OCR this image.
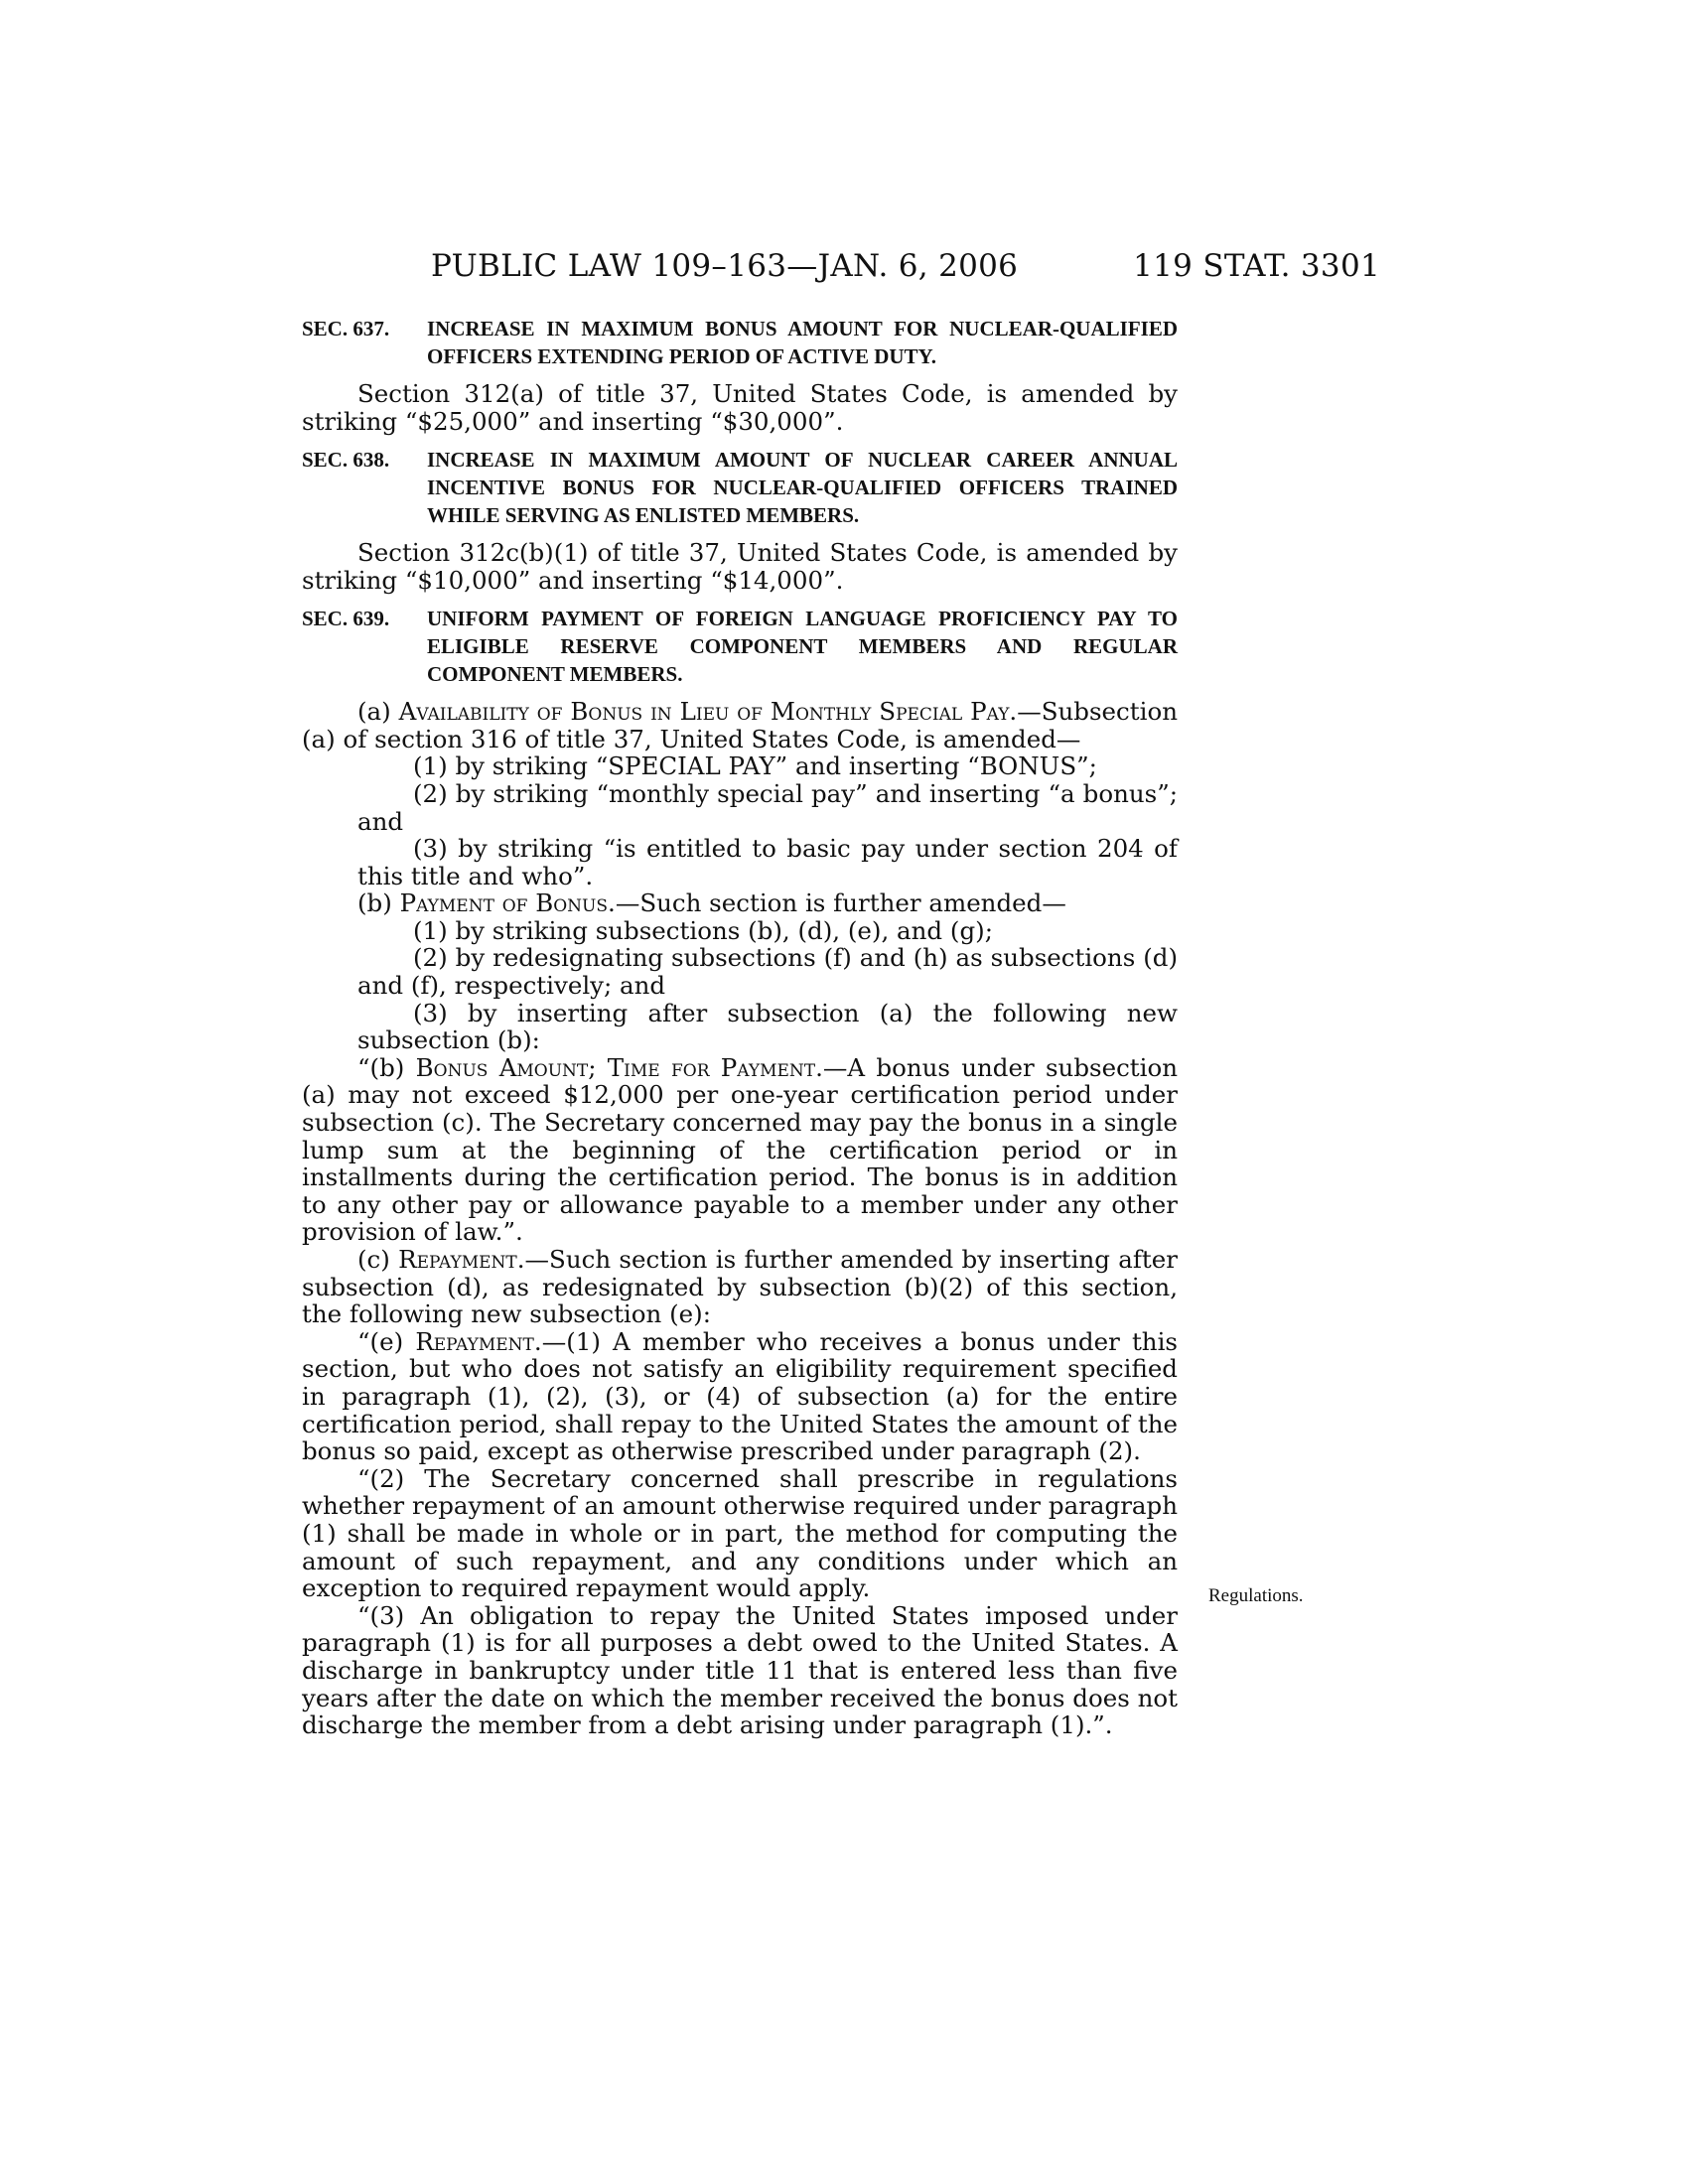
PUBLIC LAW 109–163—JAN. 6, 2006	119 STAT. 3301
SEC. 637. INCREASE IN MAXIMUM BONUS AMOUNT FOR NUCLEAR-QUALIFIED OFFICERS EXTENDING PERIOD OF ACTIVE DUTY.

Section 312(a) of title 37, United States Code, is amended by striking “$25,000” and inserting “$30,000”.

SEC. 638. INCREASE IN MAXIMUM AMOUNT OF NUCLEAR CAREER ANNUAL INCENTIVE BONUS FOR NUCLEAR-QUALIFIED OFFICERS TRAINED WHILE SERVING AS ENLISTED MEMBERS.

Section 312c(b)(1) of title 37, United States Code, is amended by striking “$10,000” and inserting “$14,000”.

SEC. 639. UNIFORM PAYMENT OF FOREIGN LANGUAGE PROFICIENCY PAY TO ELIGIBLE RESERVE COMPONENT MEMBERS AND REGULAR COMPONENT MEMBERS.

(a) Availability of Bonus in Lieu of Monthly Special Pay.—Subsection (a) of section 316 of title 37, United States Code, is amended—

(1) by striking “SPECIAL PAY” and inserting “BONUS”;

(2) by striking “monthly special pay” and inserting “a bonus”; and

(3) by striking “is entitled to basic pay under section 204 of this title and who”.

(b) Payment of Bonus.—Such section is further amended—

(1) by striking subsections (b), (d), (e), and (g);

(2) by redesignating subsections (f) and (h) as subsections (d) and (f), respectively; and

(3) by inserting after subsection (a) the following new subsection (b):

“(b) Bonus Amount; Time for Payment.—A bonus under subsection (a) may not exceed $12,000 per one-year certification period under subsection (c). The Secretary concerned may pay the bonus in a single lump sum at the beginning of the certification period or in installments during the certification period. The bonus is in addition to any other pay or allowance payable to a member under any other provision of law.”.

(c) Repayment.—Such section is further amended by inserting after subsection (d), as redesignated by subsection (b)(2) of this section, the following new subsection (e):

“(e) Repayment.—(1) A member who receives a bonus under this section, but who does not satisfy an eligibility requirement specified in paragraph (1), (2), (3), or (4) of subsection (a) for the entire certification period, shall repay to the United States the amount of the bonus so paid, except as otherwise prescribed under paragraph (2).

“(2) The Secretary concerned shall prescribe in regulations whether repayment of an amount otherwise required under paragraph (1) shall be made in whole or in part, the method for computing the amount of such repayment, and any conditions under which an exception to required repayment would apply.

“(3) An obligation to repay the United States imposed under paragraph (1) is for all purposes a debt owed to the United States. A discharge in bankruptcy under title 11 that is entered less than five years after the date on which the member received the bonus does not discharge the member from a debt arising under paragraph (1).”.

Regulations.
